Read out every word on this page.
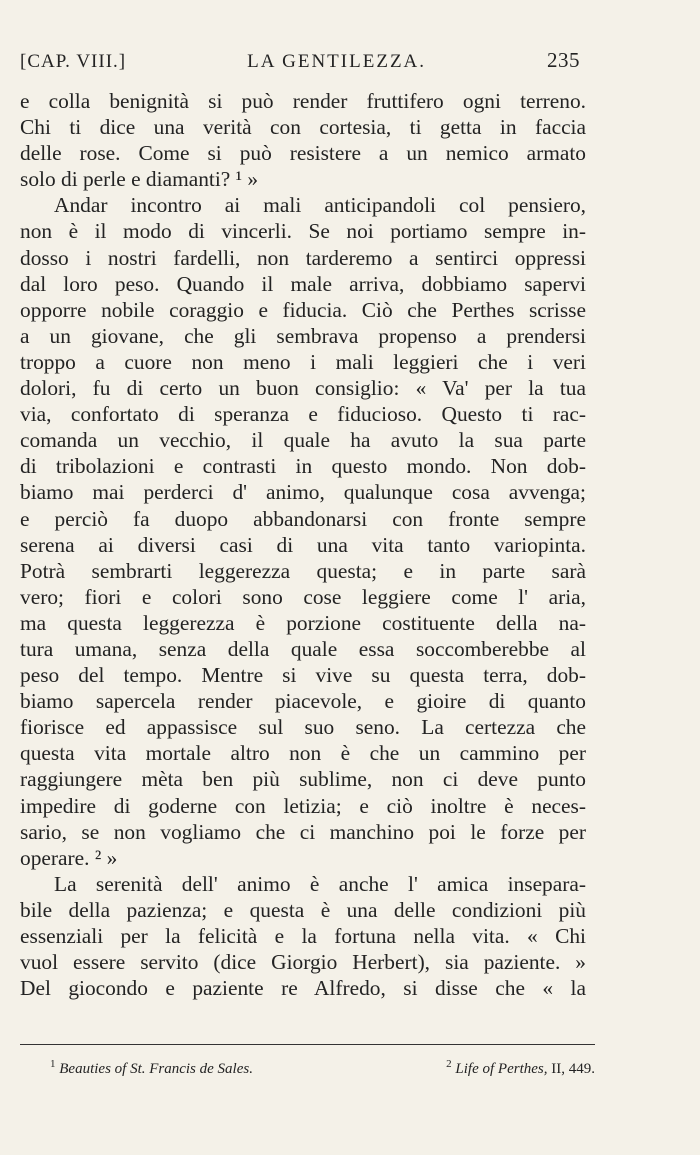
[CAP. VIII.]	LA GENTILEZZA.	235
e colla benignità si può render fruttifero ogni terreno.
Chi ti dice una verità con cortesia, ti getta in faccia
delle rose. Come si può resistere a un nemico armato
solo di perle e diamanti? ¹ »
Andar incontro ai mali anticipandoli col pensiero,
non è il modo di vincerli. Se noi portiamo sempre in-
dosso i nostri fardelli, non tarderemo a sentirci oppressi
dal loro peso. Quando il male arriva, dobbiamo sapervi
opporre nobile coraggio e fiducia. Ciò che Perthes scrisse
a un giovane, che gli sembrava propenso a prendersi
troppo a cuore non meno i mali leggieri che i veri
dolori, fu di certo un buon consiglio: « Va' per la tua
via, confortato di speranza e fiducioso. Questo ti rac-
comanda un vecchio, il quale ha avuto la sua parte
di tribolazioni e contrasti in questo mondo. Non dob-
biamo mai perderci d' animo, qualunque cosa avvenga;
e perciò fa duopo abbandonarsi con fronte sempre
serena ai diversi casi di una vita tanto variopinta.
Potrà sembrarti leggerezza questa; e in parte sarà
vero; fiori e colori sono cose leggiere come l' aria,
ma questa leggerezza è porzione costituente della na-
tura umana, senza della quale essa soccomberebbe al
peso del tempo. Mentre si vive su questa terra, dob-
biamo sapercela render piacevole, e gioire di quanto
fiorisce ed appassisce sul suo seno. La certezza che
questa vita mortale altro non è che un cammino per
raggiungere mèta ben più sublime, non ci deve punto
impedire di goderne con letizia; e ciò inoltre è neces-
sario, se non vogliamo che ci manchino poi le forze per
operare. ² »
La serenità dell' animo è anche l' amica insepara-
bile della pazienza; e questa è una delle condizioni più
essenziali per la felicità e la fortuna nella vita. « Chi
vuol essere servito (dice Giorgio Herbert), sia paziente. »
Del giocondo e paziente re Alfredo, si disse che « la
$^1$ Beauties of St. Francis de Sales.	$^2$ Life of Perthes, II, 449.
